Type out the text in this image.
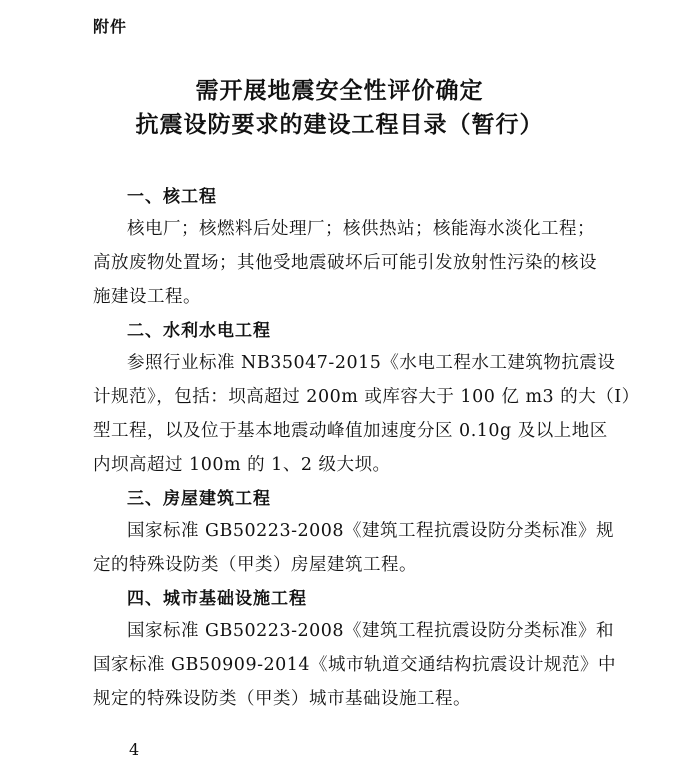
附件
需开展地震安全性评价确定
抗震设防要求的建设工程目录（暂行）
一、核工程
核电厂；核燃料后处理厂；核供热站；核能海水淡化工程；
高放废物处置场；其他受地震破坏后可能引发放射性污染的核设
施建设工程。
二、水利水电工程
参照行业标准 NB35047-2015《水电工程水工建筑物抗震设
计规范》，包括：坝高超过 200m 或库容大于 100 亿 m3 的大（I）
型工程，以及位于基本地震动峰值加速度分区 0.10g 及以上地区
内坝高超过 100m 的 1、2 级大坝。
三、房屋建筑工程
国家标准 GB50223-2008《建筑工程抗震设防分类标准》规
定的特殊设防类（甲类）房屋建筑工程。
四、城市基础设施工程
国家标准 GB50223-2008《建筑工程抗震设防分类标准》和
国家标准 GB50909-2014《城市轨道交通结构抗震设计规范》中
规定的特殊设防类（甲类）城市基础设施工程。
4
